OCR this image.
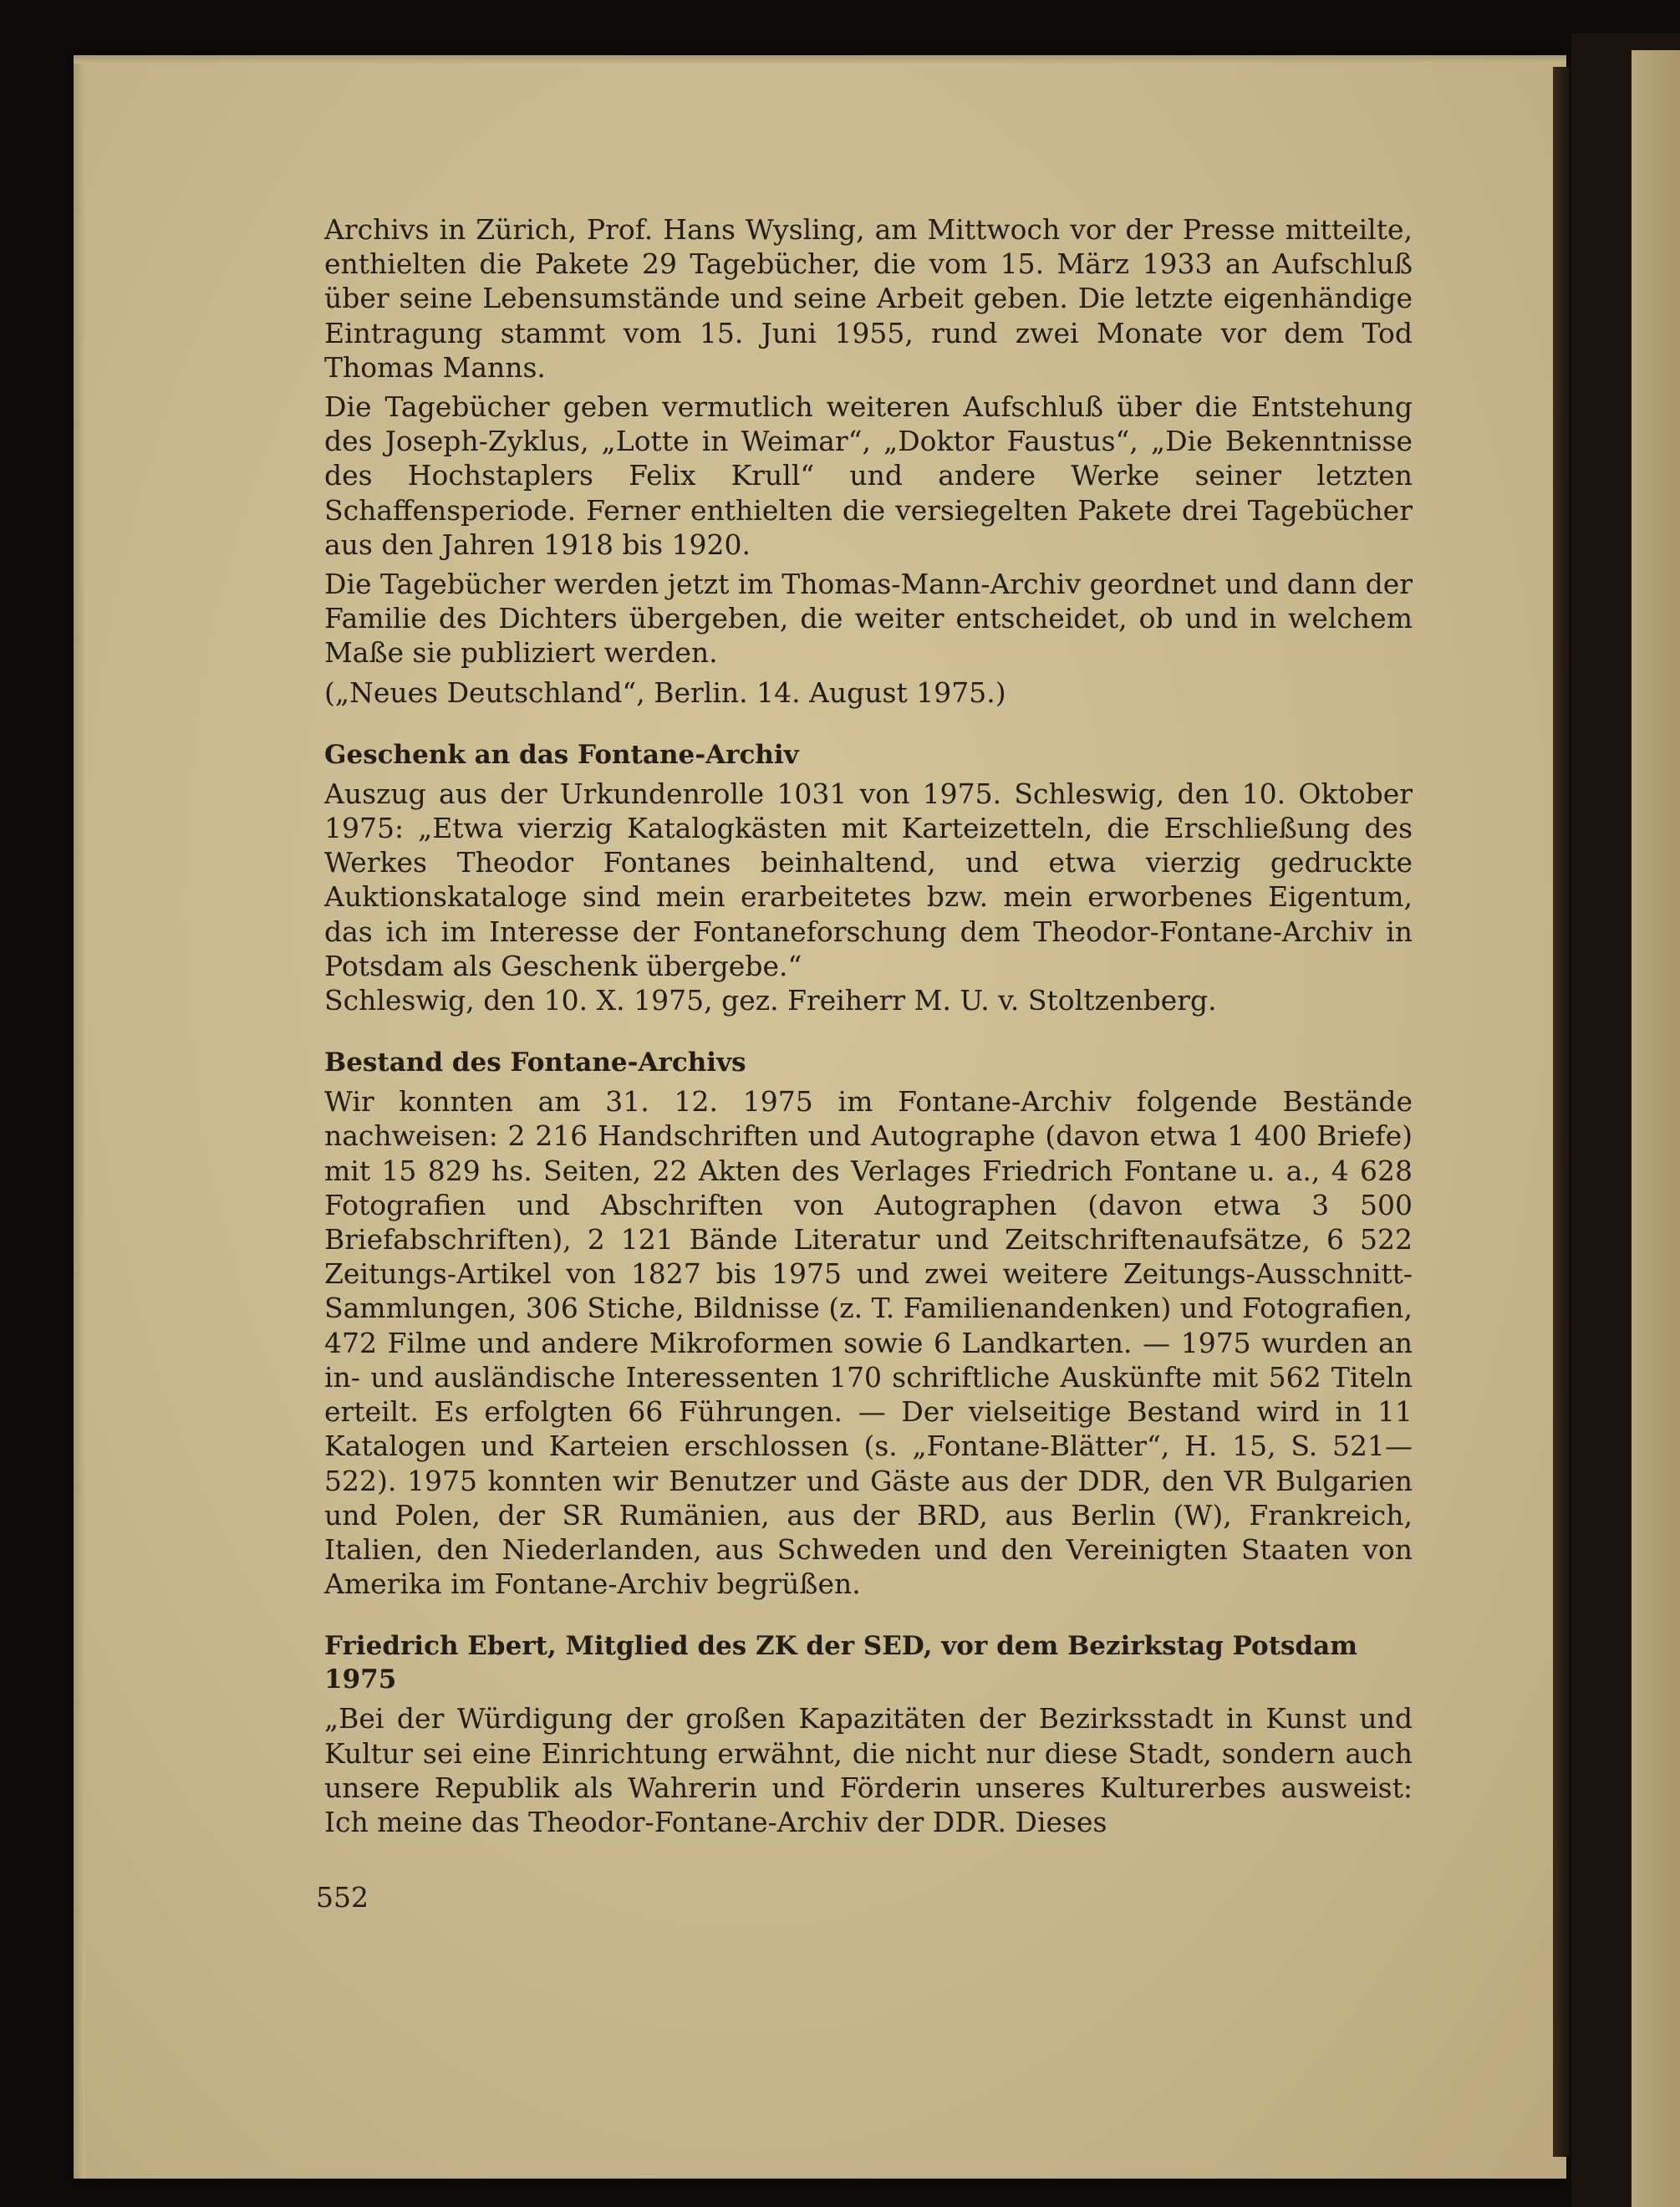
Archivs in Zürich, Prof. Hans Wysling, am Mittwoch vor der Presse mitteilte, enthielten die Pakete 29 Tagebücher, die vom 15. März 1933 an Aufschluß über seine Lebensumstände und seine Arbeit geben. Die letzte eigenhändige Eintragung stammt vom 15. Juni 1955, rund zwei Monate vor dem Tod Thomas Manns.

Die Tagebücher geben vermutlich weiteren Aufschluß über die Entstehung des Joseph-Zyklus, „Lotte in Weimar“, „Doktor Faustus“, „Die Bekenntnisse des Hochstaplers Felix Krull“ und andere Werke seiner letzten Schaffensperiode. Ferner enthielten die versiegelten Pakete drei Tagebücher aus den Jahren 1918 bis 1920.

Die Tagebücher werden jetzt im Thomas-Mann-Archiv geordnet und dann der Familie des Dichters übergeben, die weiter entscheidet, ob und in welchem Maße sie publiziert werden.

(„Neues Deutschland“, Berlin. 14. August 1975.)

Geschenk an das Fontane-Archiv

Auszug aus der Urkundenrolle 1031 von 1975. Schleswig, den 10. Oktober 1975: „Etwa vierzig Katalogkästen mit Karteizetteln, die Erschließung des Werkes Theodor Fontanes beinhaltend, und etwa vierzig gedruckte Auktionskataloge sind mein erarbeitetes bzw. mein erworbenes Eigentum, das ich im Interesse der Fontaneforschung dem Theodor-Fontane-Archiv in Potsdam als Geschenk übergebe.“

Schleswig, den 10. X. 1975, gez. Freiherr M. U. v. Stoltzenberg.

Bestand des Fontane-Archivs

Wir konnten am 31. 12. 1975 im Fontane-Archiv folgende Bestände nachweisen: 2 216 Handschriften und Autographe (davon etwa 1 400 Briefe) mit 15 829 hs. Seiten, 22 Akten des Verlages Friedrich Fontane u. a., 4 628 Fotografien und Abschriften von Autographen (davon etwa 3 500 Briefabschriften), 2 121 Bände Literatur und Zeitschriftenaufsätze, 6 522 Zeitungs-Artikel von 1827 bis 1975 und zwei weitere Zeitungs-Ausschnitt-Sammlungen, 306 Stiche, Bildnisse (z. T. Familienandenken) und Fotografien, 472 Filme und andere Mikroformen sowie 6 Landkarten. — 1975 wurden an in- und ausländische Interessenten 170 schriftliche Auskünfte mit 562 Titeln erteilt. Es erfolgten 66 Führungen. — Der vielseitige Bestand wird in 11 Katalogen und Karteien erschlossen (s. „Fontane-Blätter“, H. 15, S. 521—522). 1975 konnten wir Benutzer und Gäste aus der DDR, den VR Bulgarien und Polen, der SR Rumänien, aus der BRD, aus Berlin (W), Frankreich, Italien, den Niederlanden, aus Schweden und den Vereinigten Staaten von Amerika im Fontane-Archiv begrüßen.

Friedrich Ebert, Mitglied des ZK der SED, vor dem Bezirkstag Potsdam 1975

„Bei der Würdigung der großen Kapazitäten der Bezirksstadt in Kunst und Kultur sei eine Einrichtung erwähnt, die nicht nur diese Stadt, sondern auch unsere Republik als Wahrerin und Förderin unseres Kulturerbes ausweist: Ich meine das Theodor-Fontane-Archiv der DDR. Dieses

552
